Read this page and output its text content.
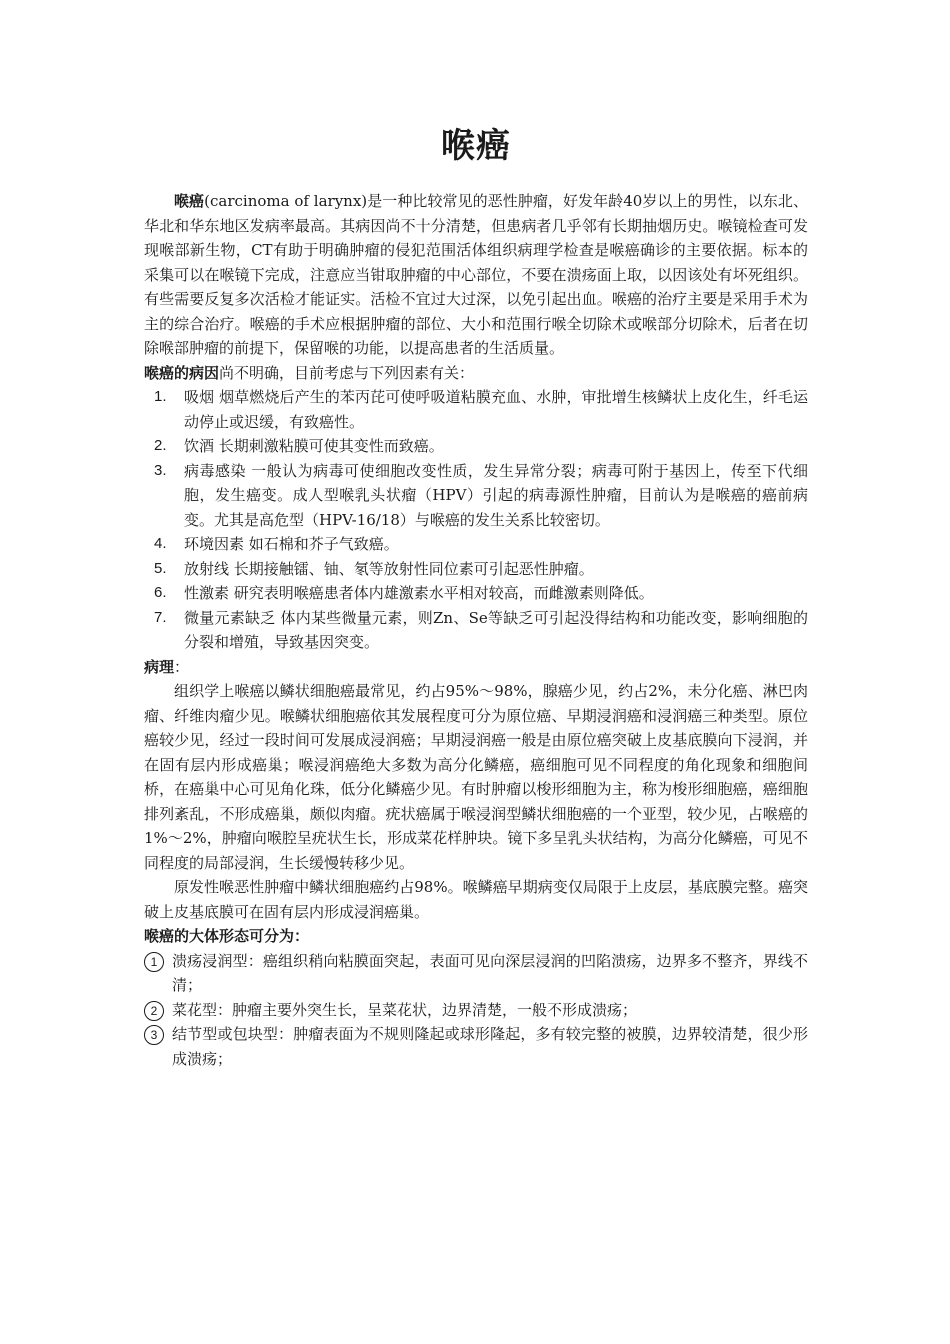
喉癌

喉癌(carcinoma of larynx)是一种比较常见的恶性肿瘤，好发年龄40岁以上的男性，以东北、华北和华东地区发病率最高。其病因尚不十分清楚，但患病者几乎邻有长期抽烟历史。喉镜检查可发现喉部新生物，CT有助于明确肿瘤的侵犯范围活体组织病理学检查是喉癌确诊的主要依据。标本的采集可以在喉镜下完成，注意应当钳取肿瘤的中心部位，不要在溃疡面上取，以因该处有坏死组织。有些需要反复多次活检才能证实。活检不宜过大过深，以免引起出血。喉癌的治疗主要是采用手术为主的综合治疗。喉癌的手术应根据肿瘤的部位、大小和范围行喉全切除术或喉部分切除术，后者在切除喉部肿瘤的前提下，保留喉的功能，以提高患者的生活质量。

喉癌的病因尚不明确，目前考虑与下列因素有关：

1.	吸烟 烟草燃烧后产生的苯丙芘可使呼吸道粘膜充血、水肿，审批增生核鳞状上皮化生，纤毛运动停止或迟缓，有致癌性。
2.	饮酒 长期刺激粘膜可使其变性而致癌。
3.	病毒感染 一般认为病毒可使细胞改变性质，发生异常分裂；病毒可附于基因上，传至下代细胞，发生癌变。成人型喉乳头状瘤（HPV）引起的病毒源性肿瘤，目前认为是喉癌的癌前病变。尤其是高危型（HPV-16/18）与喉癌的发生关系比较密切。
4.	环境因素 如石棉和芥子气致癌。
5.	放射线 长期接触镭、铀、氡等放射性同位素可引起恶性肿瘤。
6.	性激素 研究表明喉癌患者体内雄激素水平相对较高，而雌激素则降低。
7.	微量元素缺乏 体内某些微量元素，则Zn、Se等缺乏可引起没得结构和功能改变，影响细胞的分裂和增殖，导致基因突变。

病理：

组织学上喉癌以鳞状细胞癌最常见，约占95%～98%，腺癌少见，约占2%，未分化癌、淋巴肉瘤、纤维肉瘤少见。喉鳞状细胞癌依其发展程度可分为原位癌、早期浸润癌和浸润癌三种类型。原位癌较少见，经过一段时间可发展成浸润癌；早期浸润癌一般是由原位癌突破上皮基底膜向下浸润，并在固有层内形成癌巢；喉浸润癌绝大多数为高分化鳞癌，癌细胞可见不同程度的角化现象和细胞间桥，在癌巢中心可见角化珠，低分化鳞癌少见。有时肿瘤以梭形细胞为主，称为梭形细胞癌，癌细胞排列紊乱，不形成癌巢，颇似肉瘤。疣状癌属于喉浸润型鳞状细胞癌的一个亚型，较少见，占喉癌的1%～2%，肿瘤向喉腔呈疣状生长，形成菜花样肿块。镜下多呈乳头状结构，为高分化鳞癌，可见不同程度的局部浸润，生长缓慢转移少见。

原发性喉恶性肿瘤中鳞状细胞癌约占98%。喉鳞癌早期病变仅局限于上皮层，基底膜完整。癌突破上皮基底膜可在固有层内形成浸润癌巢。

喉癌的大体形态可分为：

1 溃疡浸润型：癌组织稍向粘膜面突起，表面可见向深层浸润的凹陷溃疡，边界多不整齐，界线不清；
2 菜花型：肿瘤主要外突生长，呈菜花状，边界清楚，一般不形成溃疡；
3 结节型或包块型：肿瘤表面为不规则隆起或球形隆起，多有较完整的被膜，边界较清楚，很少形成溃疡；
